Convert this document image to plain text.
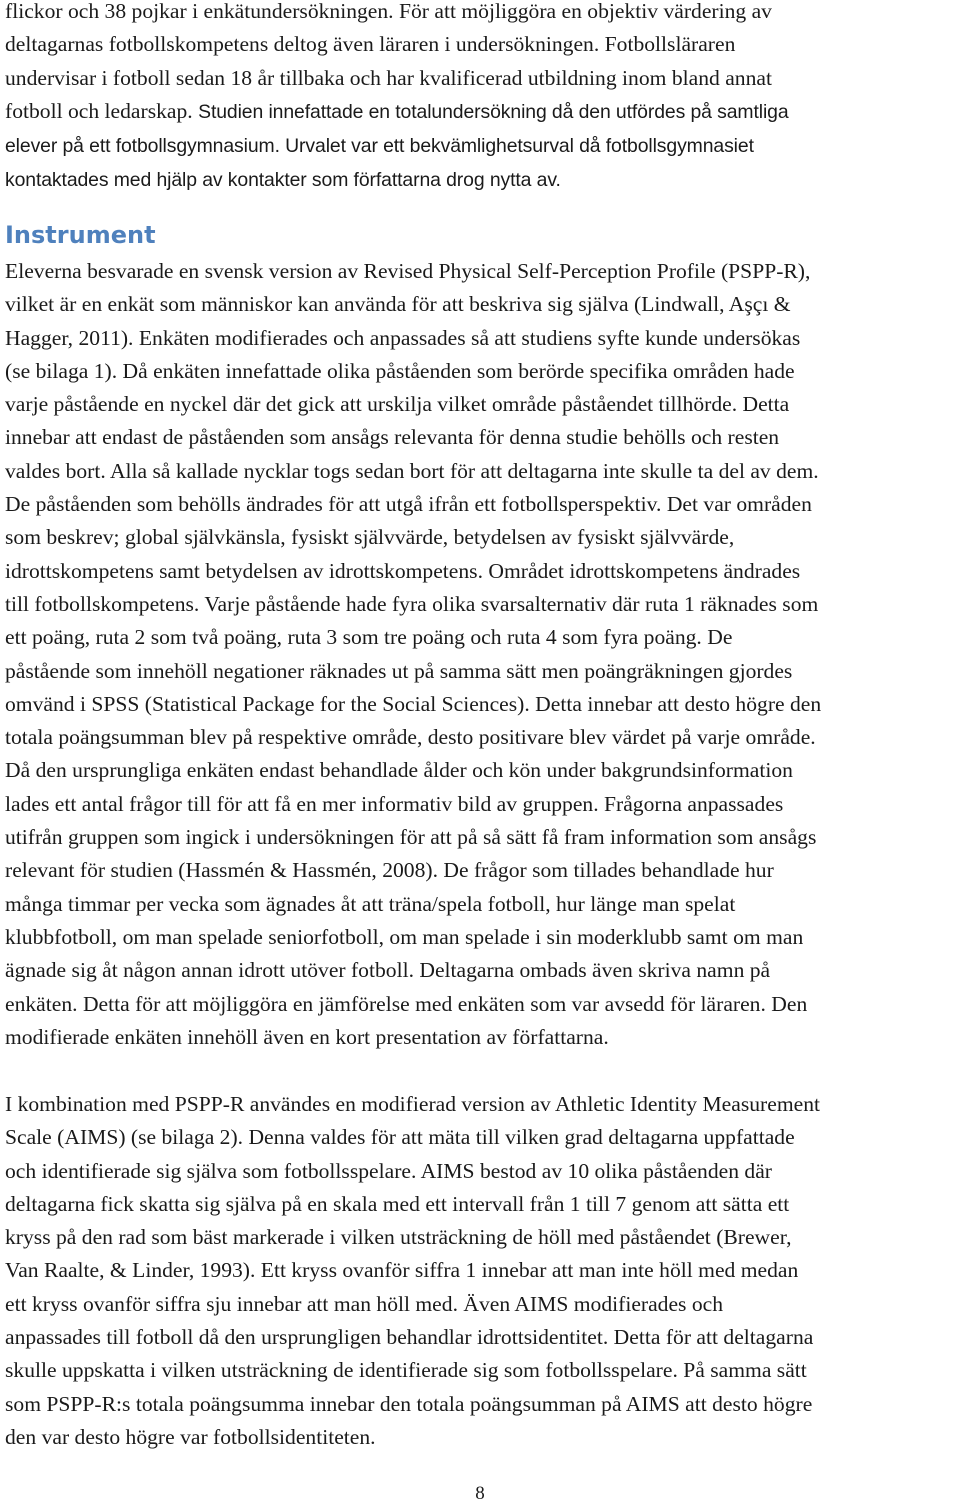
flickor och 38 pojkar i enkätundersökningen. För att möjliggöra en objektiv värdering av
deltagarnas fotbollskompetens deltog även läraren i undersökningen. Fotbollsläraren
undervisar i fotboll sedan 18 år tillbaka och har kvalificerad utbildning inom bland annat
fotboll och ledarskap. Studien innefattade en totalundersökning då den utfördes på samtliga
elever på ett fotbollsgymnasium. Urvalet var ett bekvämlighetsurval då fotbollsgymnasiet
kontaktades med hjälp av kontakter som författarna drog nytta av.

Instrument

Eleverna besvarade en svensk version av Revised Physical Self-Perception Profile (PSPP-R),
vilket är en enkät som människor kan använda för att beskriva sig själva (Lindwall, Aşçı &
Hagger, 2011). Enkäten modifierades och anpassades så att studiens syfte kunde undersökas
(se bilaga 1). Då enkäten innefattade olika påståenden som berörde specifika områden hade
varje påstående en nyckel där det gick att urskilja vilket område påståendet tillhörde. Detta
innebar att endast de påståenden som ansågs relevanta för denna studie behölls och resten
valdes bort. Alla så kallade nycklar togs sedan bort för att deltagarna inte skulle ta del av dem.
De påståenden som behölls ändrades för att utgå ifrån ett fotbollsperspektiv. Det var områden
som beskrev; global självkänsla, fysiskt självvärde, betydelsen av fysiskt självvärde,
idrottskompetens samt betydelsen av idrottskompetens. Området idrottskompetens ändrades
till fotbollskompetens. Varje påstående hade fyra olika svarsalternativ där ruta 1 räknades som
ett poäng, ruta 2 som två poäng, ruta 3 som tre poäng och ruta 4 som fyra poäng. De
påstående som innehöll negationer räknades ut på samma sätt men poängräkningen gjordes
omvänd i SPSS (Statistical Package for the Social Sciences). Detta innebar att desto högre den
totala poängsumman blev på respektive område, desto positivare blev värdet på varje område.
Då den ursprungliga enkäten endast behandlade ålder och kön under bakgrundsinformation
lades ett antal frågor till för att få en mer informativ bild av gruppen. Frågorna anpassades
utifrån gruppen som ingick i undersökningen för att på så sätt få fram information som ansågs
relevant för studien (Hassmén & Hassmén, 2008). De frågor som tillades behandlade hur
många timmar per vecka som ägnades åt att träna/spela fotboll, hur länge man spelat
klubbfotboll, om man spelade seniorfotboll, om man spelade i sin moderklubb samt om man
ägnade sig åt någon annan idrott utöver fotboll. Deltagarna ombads även skriva namn på
enkäten. Detta för att möjliggöra en jämförelse med enkäten som var avsedd för läraren. Den
modifierade enkäten innehöll även en kort presentation av författarna.

I kombination med PSPP-R användes en modifierad version av Athletic Identity Measurement
Scale (AIMS) (se bilaga 2). Denna valdes för att mäta till vilken grad deltagarna uppfattade
och identifierade sig själva som fotbollsspelare. AIMS bestod av 10 olika påståenden där
deltagarna fick skatta sig själva på en skala med ett intervall från 1 till 7 genom att sätta ett
kryss på den rad som bäst markerade i vilken utsträckning de höll med påståendet (Brewer,
Van Raalte, & Linder, 1993). Ett kryss ovanför siffra 1 innebar att man inte höll med medan
ett kryss ovanför siffra sju innebar att man höll med. Även AIMS modifierades och
anpassades till fotboll då den ursprungligen behandlar idrottsidentitet. Detta för att deltagarna
skulle uppskatta i vilken utsträckning de identifierade sig som fotbollsspelare. På samma sätt
som PSPP-R:s totala poängsumma innebar den totala poängsumman på AIMS att desto högre
den var desto högre var fotbollsidentiteten.

8
